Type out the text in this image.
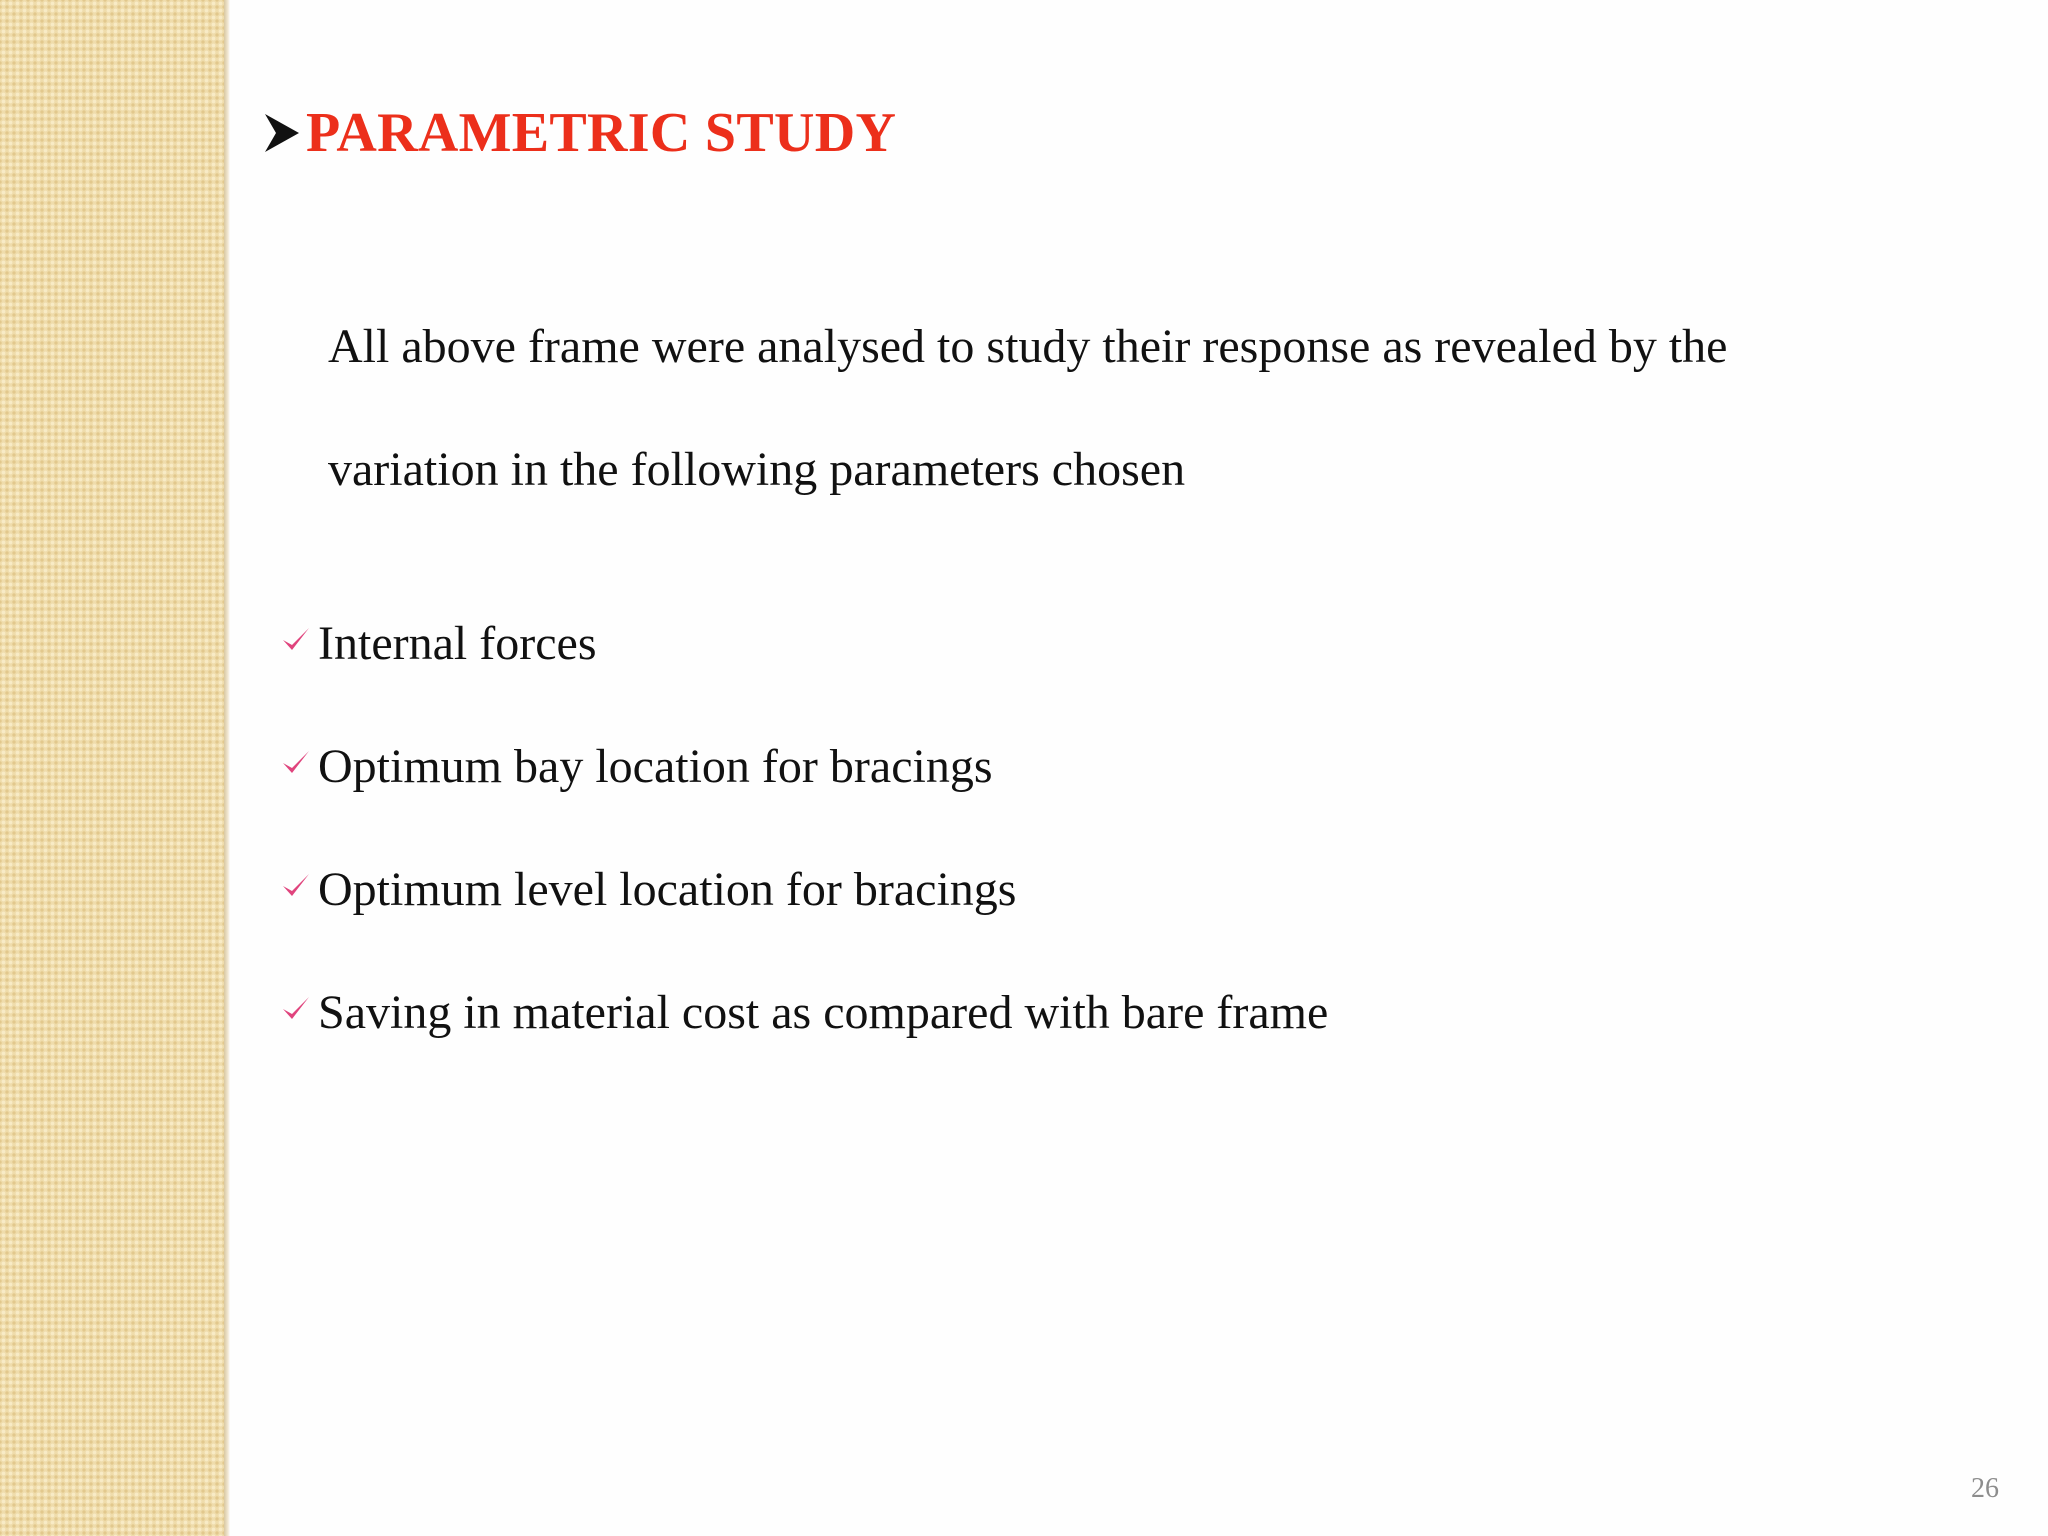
PARAMETRIC STUDY

All above frame were analysed to study their response as revealed by the variation in the following parameters chosen

Internal forces
Optimum bay location for bracings
Optimum level location for bracings
Saving in material cost as compared with bare frame
26
